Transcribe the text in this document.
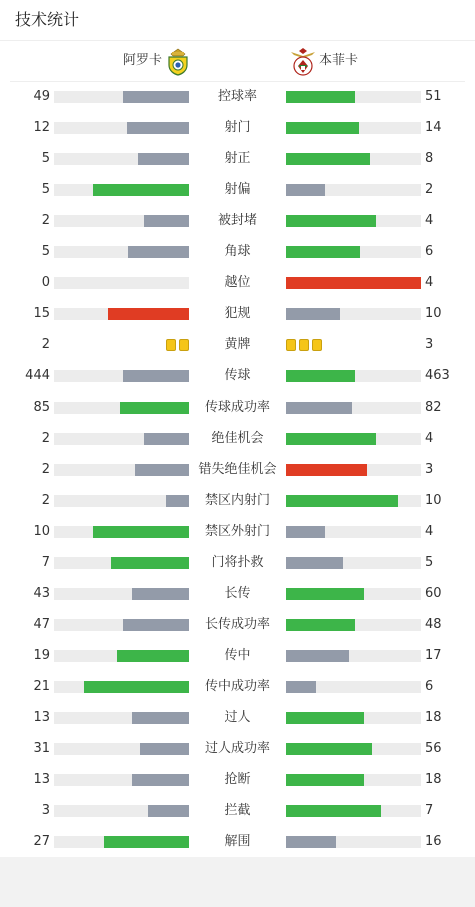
技术统计
阿罗卡	本菲卡
49	控球率	51
12	射门	14
5	射正	8
5	射偏	2
2	被封堵	4
5	角球	6
0	越位	4
15	犯规	10
2	黄牌	3
444	传球	463
85	传球成功率	82
2	绝佳机会	4
2	错失绝佳机会	3
2	禁区内射门	10
10	禁区外射门	4
7	门将扑救	5
43	长传	60
47	长传成功率	48
19	传中	17
21	传中成功率	6
13	过人	18
31	过人成功率	56
13	抢断	18
3	拦截	7
27	解围	16
